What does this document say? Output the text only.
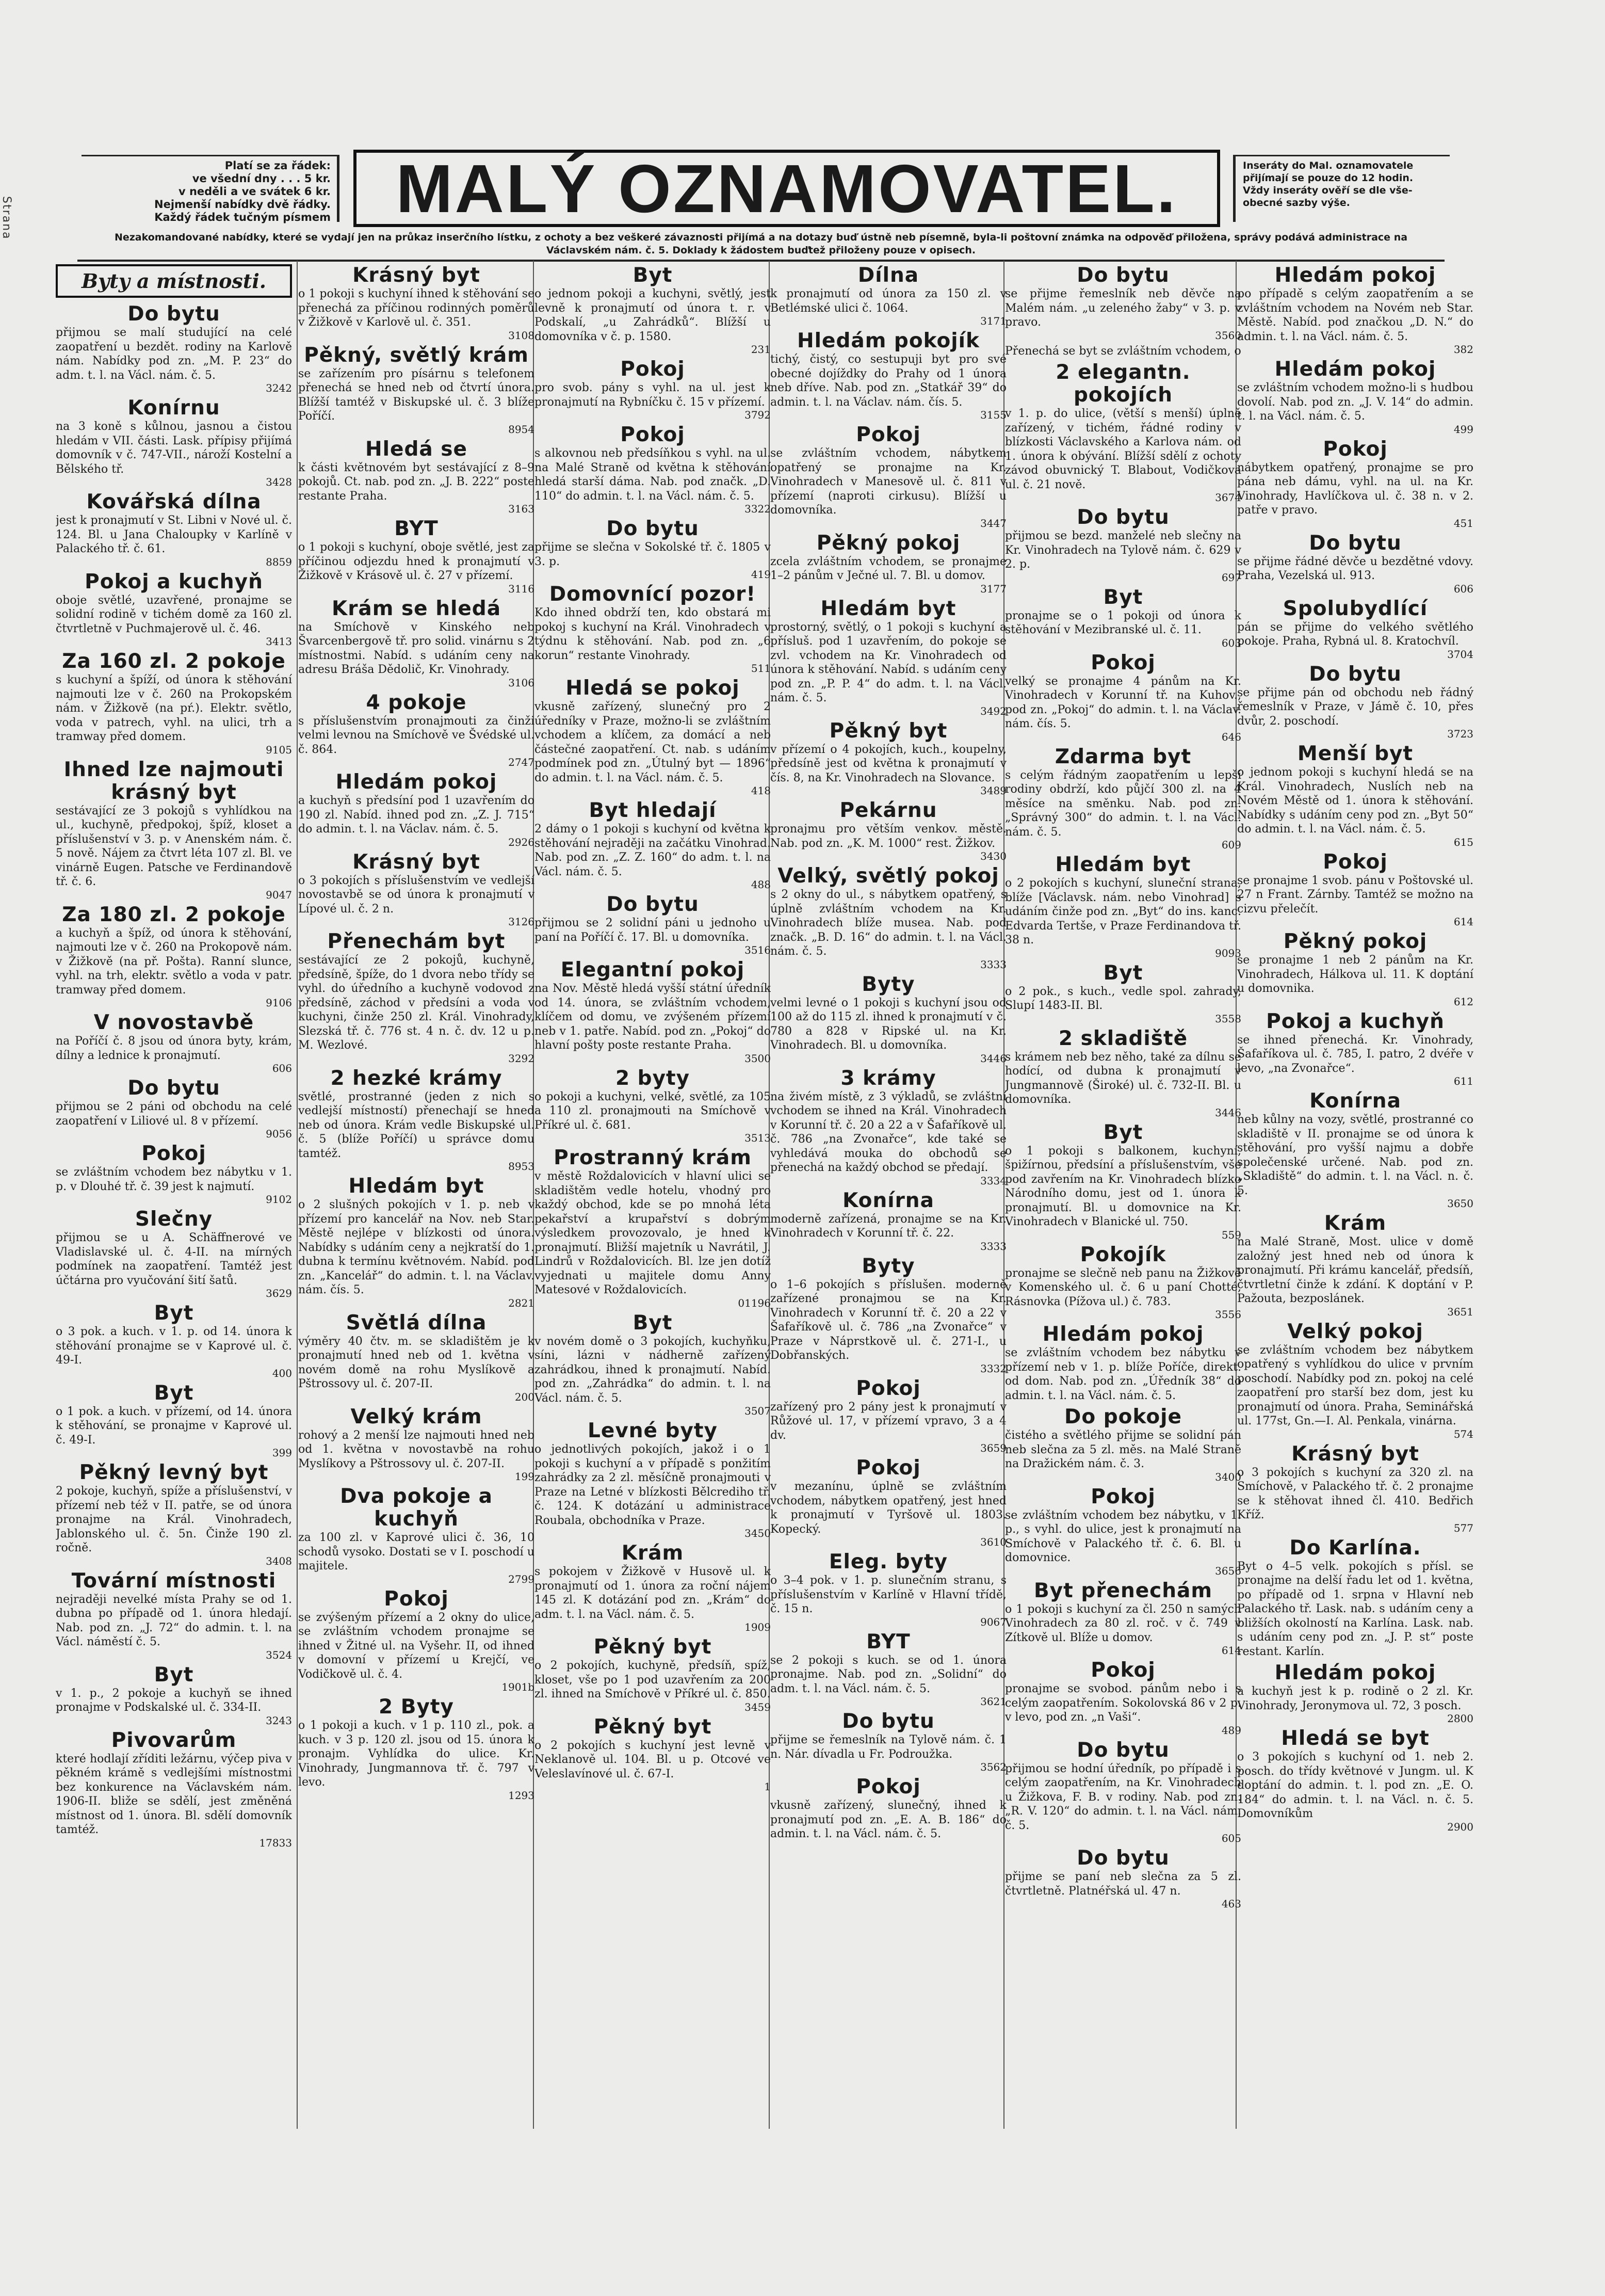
Strana
Platí se za řádek:
ve všední dny . . . 5 kr.
v neděli a ve svátek 6 kr.
Nejmenší nabídky dvě řádky.
Každý řádek tučným písmem MALÝ OZNAMOVATEL.	Inseráty do Mal. oznamovatele
přijímají se pouze do 12 hodin.
Vždy inseráty ověří se dle vše-
obecné sazby výše.
Nezakomandované nabídky, které se vydají jen na průkaz inserčního lístku, z ochoty a bez veškeré závaznosti přijímá a na dotazy buď ústně neb písemně, byla-li poštovní známka na odpověď přiložena, správy podává administrace na Václavském nám. č. 5. Doklady k žádostem buďtež přiloženy pouze v opisech.
Byty a místnosti.
Do bytu

přijmou se malí studující na celé zaopatření u bezdět. rodiny na Karlově nám. Nabídky pod zn. „M. P. 23“ do adm. t. l. na Václ. nám. č. 5.
3242

Konírnu

na 3 koně s kůlnou, jasnou a čistou hledám v VII. části. Lask. přípisy přijímá domovník v č. 747-VII., nároží Kostelní a Bělského tř.
3428

Kovářská dílna

jest k pronajmutí v St. Libni v Nové ul. č. 124. Bl. u Jana Chaloupky v Karlíně v Palackého tř. č. 61.
8859

Pokoj a kuchyň

oboje světlé, uzavřené, pronajme se solidní rodině v tichém domě za 160 zl. čtvrtletně v Puchmajerově ul. č. 46.
3413

Za 160 zl. 2 pokoje

s kuchyní a špíží, od února k stěhování najmouti lze v č. 260 na Prokopském nám. v Žižkově (na pŕ.). Elektr. světlo, voda v patrech, vyhl. na ulici, trh a tramway před domem.
9105

Ihned lze najmouti krásný byt

sestávající ze 3 pokojů s vyhlídkou na ul., kuchyně, předpokoj, špíž, kloset a příslušenství v 3. p. v Anenském nám. č. 5 nově. Nájem za čtvrt léta 107 zl. Bl. ve vinárně Eugen. Patsche ve Ferdinandově tř. č. 6.
9047

Za 180 zl. 2 pokoje

a kuchyň a špíž, od února k stěhování, najmouti lze v č. 260 na Prokopově nám. v Žižkově (na př. Pošta). Ranní slunce, vyhl. na trh, elektr. světlo a voda v patr. tramway před domem.
9106

V novostavbě

na Poříčí č. 8 jsou od února byty, krám, dílny a lednice k pronajmutí.
606

Do bytu

přijmou se 2 páni od obchodu na celé zaopatření v Liliové ul. 8 v přízemí.
9056

Pokoj

se zvláštním vchodem bez nábytku v 1. p. v Dlouhé tř. č. 39 jest k najmutí.
9102

Slečny

přijmou se u A. Schäffnerové ve Vladislavské ul. č. 4-II. na mírných podmínek na zaopatření. Tamtéž jest účtárna pro vyučování šití šatů.
3629

Byt

o 3 pok. a kuch. v 1. p. od 14. února k stěhování pronajme se v Kaprové ul. č. 49-I.
400

Byt

o 1 pok. a kuch. v přízemí, od 14. února k stěhování, se pronajme v Kaprové ul. č. 49-I.
399

Pěkný levný byt

2 pokoje, kuchyň, spíže a příslušenství, v přízemí neb též v II. patře, se od února pronajme na Král. Vinohradech, Jablonského ul. č. 5n. Činže 190 zl. ročně.
3408

Tovární místnosti

nejraději nevelké místa Prahy se od 1. dubna po případě od 1. února hledají. Nab. pod zn. „J. 72“ do admin. t. l. na Václ. náměstí č. 5.
3524

Byt

v 1. p., 2 pokoje a kuchyň se ihned pronajme v Podskalské ul. č. 334-II.
3243

Pivovarům

které hodlají zříditi ležárnu, výčep piva v pěkném krámě s vedlejšími místnostmi bez konkurence na Václavském nám. 1906-II. bliže se sdělí, jest změněná místnost od 1. února. Bl. sdělí domovník tamtéž.
17833

Krásný byt

o 1 pokoji s kuchyní ihned k stěhování se přenechá za příčinou rodinných poměrů v Žižkově v Karlově ul. č. 351.
3108

Pěkný, světlý krám

se zařízením pro písárnu s telefonem přenechá se hned neb od čtvrtí února. Blížší tamtéž v Biskupské ul. č. 3 blíže Poříčí.
8954

Hledá se

k části květnovém byt sestávající z 8–9 pokojů. Ct. nab. pod zn. „J. B. 222“ poste restante Praha.
3163

BYT

o 1 pokoji s kuchyní, oboje světlé, jest za příčinou odjezdu hned k pronajmutí v Žižkově v Krásově ul. č. 27 v přízemí.
3116

Krám se hledá

na Smíchově v Kinského neb Švarcenbergově tř. pro solid. vinárnu s 2 místnostmi. Nabíd. s udáním ceny na adresu Bráša Dědolič, Kr. Vinohrady.
3106

4 pokoje

s příslušenstvím pronajmouti za činži velmi levnou na Smíchově ve Švédské ul. č. 864.
2747

Hledám pokoj

a kuchyň s předsíní pod 1 uzavřením do 190 zl. Nabíd. ihned pod zn. „Z. J. 715“ do admin. t. l. na Václav. nám. č. 5.
2926

Krásný byt

o 3 pokojích s příslušenstvím ve vedlejší novostavbě se od února k pronajmutí v Lípové ul. č. 2 n.
3126

Přenechám byt

sestávající ze 2 pokojů, kuchyně, předsíně, špíže, do 1 dvora nebo třídy se vyhl. do úředního a kuchyně vodovod z předsíně, záchod v předsíni a voda v kuchyni, činže 250 zl. Král. Vinohrady, Slezská tř. č. 776 st. 4 n. č. dv. 12 u p. M. Wezlové.
3292

2 hezké krámy

světlé, prostranné (jeden z nich s vedlejší místností) přenechají se hned neb od února. Krám vedle Biskupské ul. č. 5 (blíže Poříčí) u správce domu tamtéž.
8953

Hledám byt

o 2 slušných pokojích v 1. p. neb v přízemí pro kancelář na Nov. neb Star. Městě nejlépe v blízkosti od února. Nabídky s udáním ceny a nejkratší do 1. dubna k termínu květnovém. Nabíd. pod zn. „Kancelář“ do admin. t. l. na Václav. nám. čís. 5.
2821

Světlá dílna

výměry 40 čtv. m. se skladištěm je k pronajmutí hned neb od 1. května v novém domě na rohu Myslíkově a Pštrossovy ul. č. 207-II.
200

Velký krám

rohový a 2 menší lze najmouti hned neb od 1. května v novostavbě na rohu Myslíkovy a Pštrossovy ul. č. 207-II.
199

Dva pokoje a kuchyň

za 100 zl. v Kaprové ulici č. 36, 10 schodů vysoko. Dostati se v I. poschodí u majitele.
2799

Pokoj

se zvýšeným přízemí a 2 okny do ulice, se zvláštním vchodem pronajme se ihned v Žitné ul. na Vyšehr. II, od ihned v domovní v přízemí u Krejčí, ve Vodičkově ul. č. 4.
1901b

2 Byty

o 1 pokoji a kuch. v 1 p. 110 zl., pok. a kuch. v 3 p. 120 zl. jsou od 15. února k pronajm. Vyhlídka do ulice. Kr. Vinohrady, Jungmannova tř. č. 797 v levo.
1293

Byt

o jednom pokoji a kuchyni, světlý, jest levně k pronajmutí od února t. r. v Podskalí, „u Zahrádků“. Blížší u domovníka v č. p. 1580.
231

Pokoj

pro svob. pány s vyhl. na ul. jest k pronajmutí na Rybníčku č. 15 v přízemí.
3792

Pokoj

s alkovnou neb předsíňkou s vyhl. na ul. na Malé Straně od května k stěhování hledá starší dáma. Nab. pod značk. „D. 110“ do admin. t. l. na Václ. nám. č. 5.
3322

Do bytu

přijme se slečna v Sokolské tř. č. 1805 v 3. p.
419

Domovnící pozor!

Kdo ihned obdrží ten, kdo obstará mi pokoj s kuchyní na Král. Vinohradech v týdnu k stěhování. Nab. pod zn. „6 korun“ restante Vinohrady.
511

Hledá se pokoj

vkusně zařízený, slunečný pro 2 úředníky v Praze, možno-li se zvláštním vchodem a klíčem, za domácí a neb částečné zaopatření. Ct. nab. s udáním podmínek pod zn. „Útulný byt — 1896“ do admin. t. l. na Václ. nám. č. 5.
418

Byt hledají

2 dámy o 1 pokoji s kuchyní od května k stěhování nejraději na začátku Vinohrad. Nab. pod zn. „Z. Z. 160“ do adm. t. l. na Václ. nám. č. 5.
488

Do bytu

přijmou se 2 solidní páni u jednoho u paní na Poříčí č. 17. Bl. u domovníka.
3516

Elegantní pokoj

na Nov. Městě hledá vyšší státní úředník od 14. února, se zvláštním vchodem, klíčem od domu, ve zvýšeném přízemí neb v 1. patře. Nabíd. pod zn. „Pokoj“ do hlavní pošty poste restante Praha.
3500

2 byty

o pokoji a kuchyni, velké, světlé, za 105 a 110 zl. pronajmouti na Smíchově v Příkré ul. č. 681.
3513

Prostranný krám

v městě Roždalovicích v hlavní ulici se skladištěm vedle hotelu, vhodný pro každý obchod, kde se po mnohá léta pekařství a krupařství s dobrým výsledkem provozovalo, je hned k pronajmutí. Bližší majetník u Navrátil, J. Lindrů v Roždalovicích. Bl. lze jen dotíž vyjednati u majitele domu Anny Matesové v Roždalovicích.
01196

Byt

v novém domě o 3 pokojích, kuchyňku, síni, lázni v nádherně zařízený zahrádkou, ihned k pronajmutí. Nabíd. pod zn. „Zahrádka“ do admin. t. l. na Václ. nám. č. 5.
3507

Levné byty

o jednotlivých pokojích, jakož i o 1 pokoji s kuchyní a v případě s ponžitím zahrádky za 2 zl. měsíčně pronajmouti v Praze na Letné v blízkosti Bělcrediho tř. č. 124. K dotázání u administrace Roubala, obchodníka v Praze.
3450

Krám

s pokojem v Žižkově v Husově ul. k pronajmutí od 1. února za roční nájem 145 zl. K dotázání pod zn. „Krám“ do adm. t. l. na Václ. nám. č. 5.
1909

Pěkný byt

o 2 pokojích, kuchyně, předsíň, spíž, kloset, vše po 1 pod uzavřením za 200 zl. ihned na Smíchově v Příkré ul. č. 850.
3459

Pěkný byt

o 2 pokojích s kuchyní jest levně v Neklanově ul. 104. Bl. u p. Otcové ve Veleslavínové ul. č. 67-I.
1

Dílna

k pronajmutí od února za 150 zl. v Betlémské ulici č. 1064.
3171

Hledám pokojík

tichý, čistý, co sestupuji byt pro své obecné dojíždky do Prahy od 1 února neb dříve. Nab. pod zn. „Statkář 39“ do admin. t. l. na Václav. nám. čís. 5.
3155

Pokoj

se zvláštním vchodem, nábytkem opatřený se pronajme na Kr. Vinohradech v Manesově ul. č. 811 v přízemí (naproti cirkusu). Blížší u domovníka.
3447

Pěkný pokoj

zcela zvláštním vchodem, se pronajme 1–2 pánům v Ječné ul. 7. Bl. u domov.
3177

Hledám byt

prostorný, světlý, o 1 pokoji s kuchyní a přísluš. pod 1 uzavřením, do pokoje se zvl. vchodem na Kr. Vinohradech od února k stěhování. Nabíd. s udáním ceny pod zn. „P. P. 4“ do adm. t. l. na Václ. nám. č. 5.
3492

Pěkný byt

v přízemí o 4 pokojích, kuch., koupelny, předsíně jest od května k pronajmutí v čís. 8, na Kr. Vinohradech na Slovance.
3489

Pekárnu

pronajmu pro větším venkov. městě. Nab. pod zn. „K. M. 1000“ rest. Žižkov.
3430

Velký, světlý pokoj

s 2 okny do ul., s nábytkem opatřený, s úplně zvláštním vchodem na Kr. Vinohradech blíže musea. Nab. pod značk. „B. D. 16“ do admin. t. l. na Václ. nám. č. 5.
3333

Byty

velmi levné o 1 pokoji s kuchyní jsou od 100 až do 115 zl. ihned k pronajmutí v č. 780 a 828 v Ripské ul. na Kr. Vinohradech. Bl. u domovníka.
3446

3 krámy

na živém místě, z 3 výkladů, se zvláštní vchodem se ihned na Král. Vinohradech v Korunní tř. č. 20 a 22 a v Šafaříkově ul. č. 786 „na Zvonařce“, kde také se vyhledává mouka do obchodů se přenechá na každý obchod se předají.
3334

Konírna

moderně zařízená, pronajme se na Kr. Vinohradech v Korunní tř. č. 22.
3333

Byty

o 1–6 pokojích s příslušen. moderně zařízené pronajmou se na Kr. Vinohradech v Korunní tř. č. 20 a 22 v Šafaříkově ul. č. 786 „na Zvonařce“ v Praze v Náprstkově ul. č. 271-I., u Dobřanských.
3332

Pokoj

zařízený pro 2 pány jest k pronajmutí v Růžové ul. 17, v přízemí vpravo, 3 a 4 dv.
3659

Pokoj

v mezanínu, úplně se zvláštním vchodem, nábytkem opatřený, jest hned k pronajmutí v Tyršově ul. 1803. Kopecký.
3610

Eleg. byty

o 3–4 pok. v 1. p. slunečním stranu, s příslušenstvím v Karlíně v Hlavní třídě, č. 15 n.
9067

BYT

se 2 pokoji s kuch. se od 1. února pronajme. Nab. pod zn. „Solidní“ do adm. t. l. na Václ. nám. č. 5.
3621

Do bytu

přijme se řemeslník na Tylově nám. č. 1 n. Nár. dívadla u Fr. Podroužka.
3562

Pokoj

vkusně zařízený, slunečný, ihned k pronajmutí pod zn. „E. A. B. 186“ do admin. t. l. na Václ. nám. č. 5.

Do bytu

se přijme řemeslník neb děvče na Malém nám. „u zeleného žaby“ v 3. p. v pravo.
3560

Přenechá se byt se zvláštním vchodem, o

2 elegantn. pokojích

v 1. p. do ulice, (větší s menší) úplně zařízený, v tichém, řádné rodiny v blízkosti Václavského a Karlova nám. od 1. února k obývání. Blížší sdělí z ochoty závod obuvnický T. Blabout, Vodičkova ul. č. 21 nově.
3674

Do bytu

přijmou se bezd. manželé neb slečny na Kr. Vinohradech na Tylově nám. č. 629 v 2. p.
697

Byt

pronajme se o 1 pokoji od února k stěhování v Mezibranské ul. č. 11.
603

Pokoj

velký se pronajme 4 pánům na Kr. Vinohradech v Korunní tř. na Kuhov., pod zn. „Pokoj“ do admin. t. l. na Václav. nám. čís. 5.
646

Zdarma byt

s celým řádným zaopatřením u lepší rodiny obdrží, kdo půjčí 300 zl. na 4 měsíce na směnku. Nab. pod zn. „Správný 300“ do admin. t. l. na Václ. nám. č. 5.
609

Hledám byt

o 2 pokojích s kuchyní, sluneční strana, blíže [Václavsk. nám. nebo Vinohrad] s udáním činže pod zn. „Byt“ do ins. kanc. Edvarda Tertše, v Praze Ferdinandova tř. 38 n.
9093

Byt

o 2 pok., s kuch., vedle spol. zahrady, Slupí 1483-II. Bl.
3558

2 skladiště

s krámem neb bez něho, také za dílnu se hodící, od dubna k pronajmutí v Jungmannově (Široké) ul. č. 732-II. Bl. u domovníka.
3446

Byt

o 1 pokoji s balkonem, kuchyní, špižírnou, předsíní a příslušenstvím, vše pod zavřením na Kr. Vinohradech blízko Národního domu, jest od 1. února k pronajmutí. Bl. u domovnice na Kr. Vinohradech v Blanické ul. 750.
559

Pokojík

pronajme se slečně neb panu na Žižkově v Komenského ul. č. 6 u paní Chotté, Rásnovka (Pížova ul.) č. 783.
3556

Hledám pokoj

se zvláštním vchodem bez nábytku v přízemí neb v 1. p. blíže Poříče, direkt. od dom. Nab. pod zn. „Úředník 38“ do admin. t. l. na Václ. nám. č. 5.

Do pokoje

čistého a světlého přijme se solidní pán neb slečna za 5 zl. měs. na Malé Straně na Dražickém nám. č. 3.
3400

Pokoj

se zvláštním vchodem bez nábytku, v 1. p., s vyhl. do ulice, jest k pronajmutí na Smíchově v Palackého tř. č. 6. Bl. u domovnice.
3656

Byt přenechám

o 1 pokoji s kuchyní za čl. 250 n samých Vinohradech za 80 zl. roč. v č. 749 v Zítkově ul. Blíže u domov.
614

Pokoj

pronajme se svobod. pánům nebo i s celým zaopatřením. Sokolovská 86 v 2 p. v levo, pod zn. „n Vaši“.
489

Do bytu

přijmou se hodní úředník, po případě i s celým zaopatřením, na Kr. Vinohradech u Žižkova, F. B. v rodiny. Nab. pod zn. „R. V. 120“ do admin. t. l. na Václ. nám. č. 5.
605

Do bytu

přijme se paní neb slečna za 5 zl. čtvrtletně. Platnéřská ul. 47 n.
463

Hledám pokoj

po případě s celým zaopatřením a se zvláštním vchodem na Novém neb Star. Městě. Nabíd. pod značkou „D. N.“ do admin. t. l. na Václ. nám. č. 5.
382

Hledám pokoj

se zvláštním vchodem možno-li s hudbou dovolí. Nab. pod zn. „J. V. 14“ do admin. t. l. na Václ. nám. č. 5.
499

Pokoj

nábytkem opatřený, pronajme se pro pána neb dámu, vyhl. na ul. na Kr. Vinohrady, Havlíčkova ul. č. 38 n. v 2. patře v pravo.
451

Do bytu

se přijme řádné děvče u bezdětné vdovy. Praha, Vezelská ul. 913.
606

Spolubydlící

pán se přijme do velkého světlého pokoje. Praha, Rybná ul. 8. Kratochvíl.
3704

Do bytu

se přijme pán od obchodu neb řádný řemeslník v Praze, v Jámě č. 10, přes dvůr, 2. poschodí.
3723

Menší byt

o jednom pokoji s kuchyní hledá se na Král. Vinohradech, Nuslích neb na Novém Městě od 1. února k stěhování. Nabídky s udáním ceny pod zn. „Byt 50“ do admin. t. l. na Václ. nám. č. 5.
615

Pokoj

se pronajme 1 svob. pánu v Poštovské ul. 27 n Frant. Zárnby. Tamtéž se možno na cizvu přelečít.
614

Pěkný pokoj

se pronajme 1 neb 2 pánům na Kr. Vinohradech, Hálkova ul. 11. K doptání u domovnika.
612

Pokoj a kuchyň

se ihned přenechá. Kr. Vinohrady, Šafaříkova ul. č. 785, I. patro, 2 dvéře v levo, „na Zvonařce“.
611

Konírna

neb kůlny na vozy, světlé, prostranné co skladiště v II. pronajme se od února k stěhování, pro vyšší najmu a dobře společenské určené. Nab. pod zn. „Skladiště“ do admin. t. l. na Václ. n. č. 5.
3650

Krám

na Malé Straně, Most. ulice v domě založný jest hned neb od února k pronajmutí. Při krámu kancelář, předsíň, čtvrtletní činže k zdání. K doptání v P. Pažouta, bezposlánek.
3651

Velký pokoj

se zvláštním vchodem bez nábytkem opatřený s vyhlídkou do ulice v prvním poschodí. Nabídky pod zn. pokoj na celé zaopatření pro starší bez dom, jest ku pronajmutí od února. Praha, Seminářská ul. 177st, Gn.—I. Al. Penkala, vinárna.
574

Krásný byt

o 3 pokojích s kuchyní za 320 zl. na Smíchově, v Palackého tř. č. 2 pronajme se k stěhovat ihned čl. 410. Bedřich Kříž.
577

Do Karlína.

Byt o 4–5 velk. pokojích s přísl. se pronajme na delší řadu let od 1. května, po případě od 1. srpna v Hlavní neb Palackého tř. Lask. nab. s udáním ceny a bližších okolností na Karlína. Lask. nab. s udáním ceny pod zn. „J. P. st“ poste restant. Karlín.

Hledám pokoj

a kuchyň jest k p. rodině o 2 zl. Kr. Vinohrady, Jeronymova ul. 72, 3 posch.
2800

Hledá se byt

o 3 pokojích s kuchyní od 1. neb 2. posch. do třídy květnové v Jungm. ul. K doptání do admin. t. l. pod zn. „E. O. 184“ do admin. t. l. na Václ. n. č. 5. Domovníkům
2900
